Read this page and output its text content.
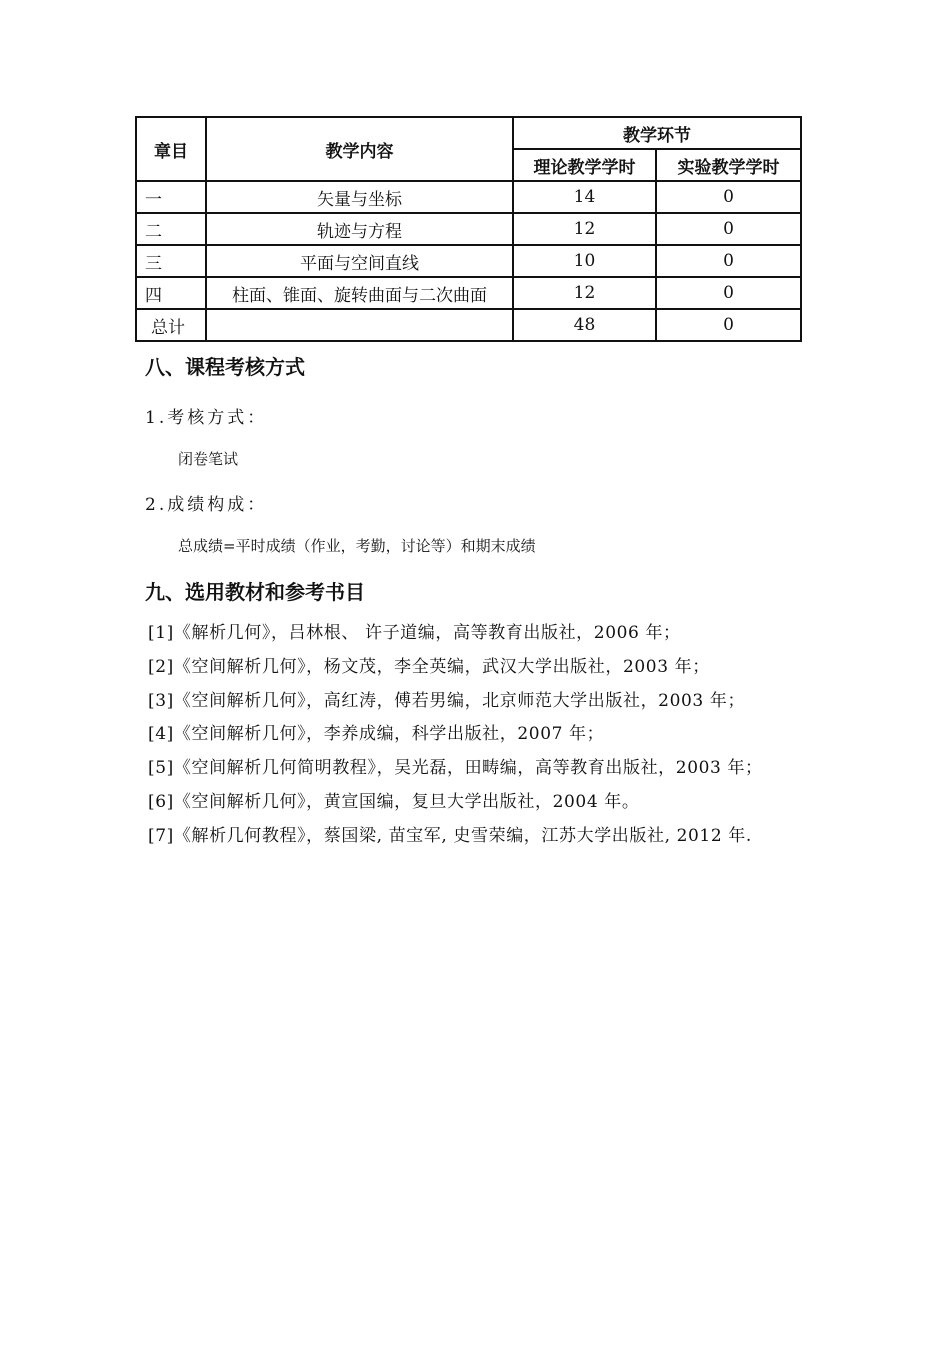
章目	教学内容	教学环节	
		理论教学学时	实验教学学时
一	矢量与坐标	14	0
二	轨迹与方程	12	0
三	平面与空间直线	10	0
四	柱面、锥面、旋转曲面与二次曲面	12	0
总计		48	0
八、课程考核方式
1.考核方式：
闭卷笔试
2.成绩构成：
总成绩=平时成绩（作业，考勤，讨论等）和期末成绩
九、选用教材和参考书目
[1]《解析几何》，吕林根、 许子道编，高等教育出版社，2006 年；
[2]《空间解析几何》，杨文茂，李全英编，武汉大学出版社，2003 年；
[3]《空间解析几何》，高红涛，傅若男编，北京师范大学出版社，2003 年；
[4]《空间解析几何》，李养成编，科学出版社，2007 年；
[5]《空间解析几何简明教程》，吴光磊，田畴编，高等教育出版社，2003 年；
[6]《空间解析几何》，黄宣国编，复旦大学出版社，2004 年。
[7]《解析几何教程》，蔡国梁, 苗宝军, 史雪荣编，江苏大学出版社, 2012 年.
